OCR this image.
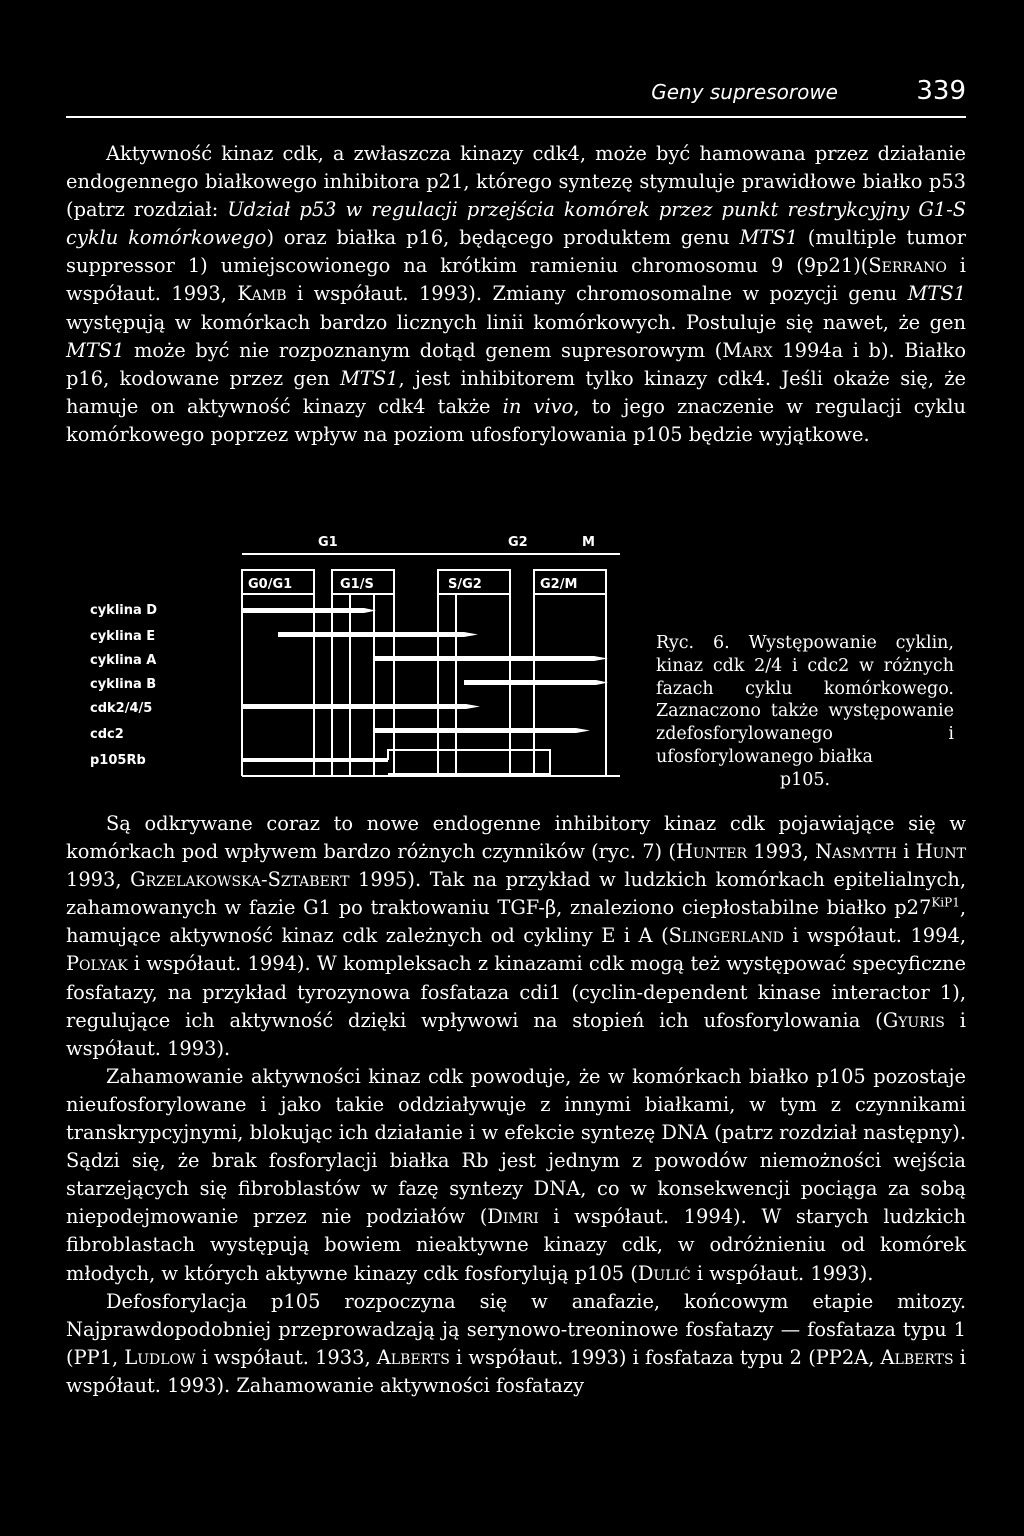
Geny supresorowe	339

Aktywność kinaz cdk, a zwłaszcza kinazy cdk4, może być hamowana przez działanie endogennego białkowego inhibitora p21, którego syntezę stymuluje prawidłowe białko p53 (patrz rozdział: Udział p53 w regulacji przejścia komórek przez punkt restrykcyjny G1-S cyklu komórkowego) oraz białka p16, będącego produktem genu MTS1 (multiple tumor suppressor 1) umiejscowionego na krótkim ramieniu chromosomu 9 (9p21)(Serrano i współaut. 1993, Kamb i współaut. 1993). Zmiany chromosomalne w pozycji genu MTS1 występują w komórkach bardzo licznych linii komórkowych. Postuluje się nawet, że gen MTS1 może być nie rozpoznanym dotąd genem supresorowym (Marx 1994a i b). Białko p16, kodowane przez gen MTS1, jest inhibitorem tylko kinazy cdk4. Jeśli okaże się, że hamuje on aktywność kinazy cdk4 także in vivo, to jego znaczenie w regulacji cyklu komórkowego poprzez wpływ na poziom ufosforylowania p105 będzie wyjątkowe.

G1	G2	M
G0/G1	G1/S	S/G2	G2/M
cyklina D
cyklina E
cyklina A
cyklina B
cdk2/4/5
cdc2
p105Rb
Ryc. 6. Występowanie cyklin, kinaz cdk 2/4 i cdc2 w różnych fazach cyklu komórkowego. Zaznaczono także występowanie zdefosforylowanego i ufosforylowanego białka
p105.

Są odkrywane coraz to nowe endogenne inhibitory kinaz cdk pojawiające się w komórkach pod wpływem bardzo różnych czynników (ryc. 7) (Hunter 1993, Nasmyth i Hunt 1993, Grzelakowska-Sztabert 1995). Tak na przykład w ludzkich komórkach epitelialnych, zahamowanych w fazie G1 po traktowaniu TGF-β, znaleziono ciepłostabilne białko $p27^{KiP1}$, hamujące aktywność kinaz cdk zależnych od cykliny E i A (Slingerland i współaut. 1994, Polyak i współaut. 1994). W kompleksach z kinazami cdk mogą też występować specyficzne fosfatazy, na przykład tyrozynowa fosfataza cdi1 (cyclin-dependent kinase interactor 1), regulujące ich aktywność dzięki wpływowi na stopień ich ufosforylowania (Gyuris i współaut. 1993).

Zahamowanie aktywności kinaz cdk powoduje, że w komórkach białko p105 pozostaje nieufosforylowane i jako takie oddziaływuje z innymi białkami, w tym z czynnikami transkrypcyjnymi, blokując ich działanie i w efekcie syntezę DNA (patrz rozdział następny). Sądzi się, że brak fosforylacji białka Rb jest jednym z powodów niemożności wejścia starzejących się fibroblastów w fazę syntezy DNA, co w konsekwencji pociąga za sobą niepodejmowanie przez nie podziałów (Dimri i współaut. 1994). W starych ludzkich fibroblastach występują bowiem nieaktywne kinazy cdk, w odróżnieniu od komórek młodych, w których aktywne kinazy cdk fosforylują p105 (Dulić i współaut. 1993).

Defosforylacja p105 rozpoczyna się w anafazie, końcowym etapie mitozy. Najprawdopodobniej przeprowadzają ją serynowo-treoninowe fosfatazy — fosfataza typu 1 (PP1, Ludlow i współaut. 1933, Alberts i współaut. 1993) i fosfataza typu 2 (PP2A, Alberts i współaut. 1993). Zahamowanie aktywności fosfatazy
